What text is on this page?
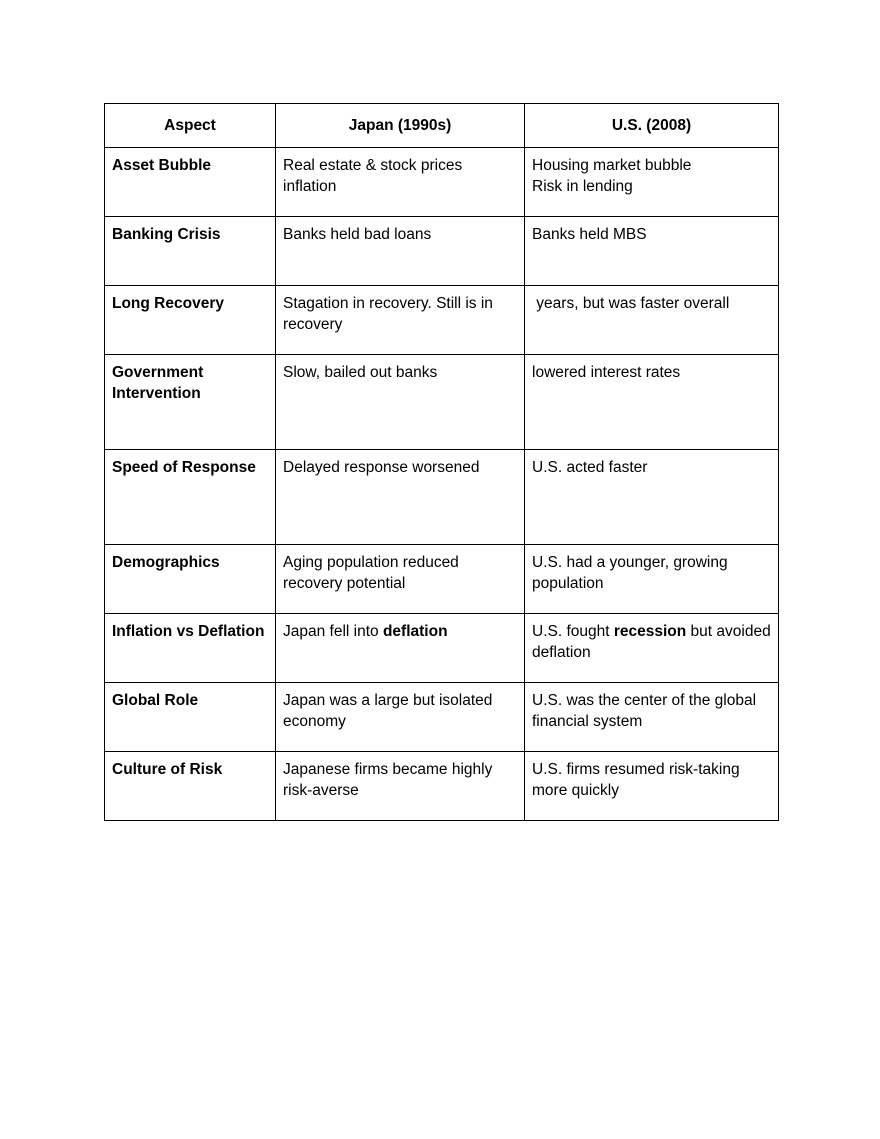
Aspect	Japan (1990s)	U.S. (2008)
Asset Bubble	Real estate & stock prices inflation	Housing market bubble
Risk in lending

Banking Crisis	Banks held bad loans	Banks held MBS

Long Recovery	Stagation in recovery. Still is in recovery	years, but was faster overall

Government Intervention	Slow, bailed out banks	lowered interest rates

Speed of Response	Delayed response worsened	U.S. acted faster

Demographics	Aging population reduced recovery potential	U.S. had a younger, growing population

Inflation vs Deflation	Japan fell into deflation	U.S. fought recession but avoided deflation
Global Role	Japan was a large but isolated economy	U.S. was the center of the global financial system

Culture of Risk	Japanese firms became highly risk-averse	U.S. firms resumed risk-taking more quickly
